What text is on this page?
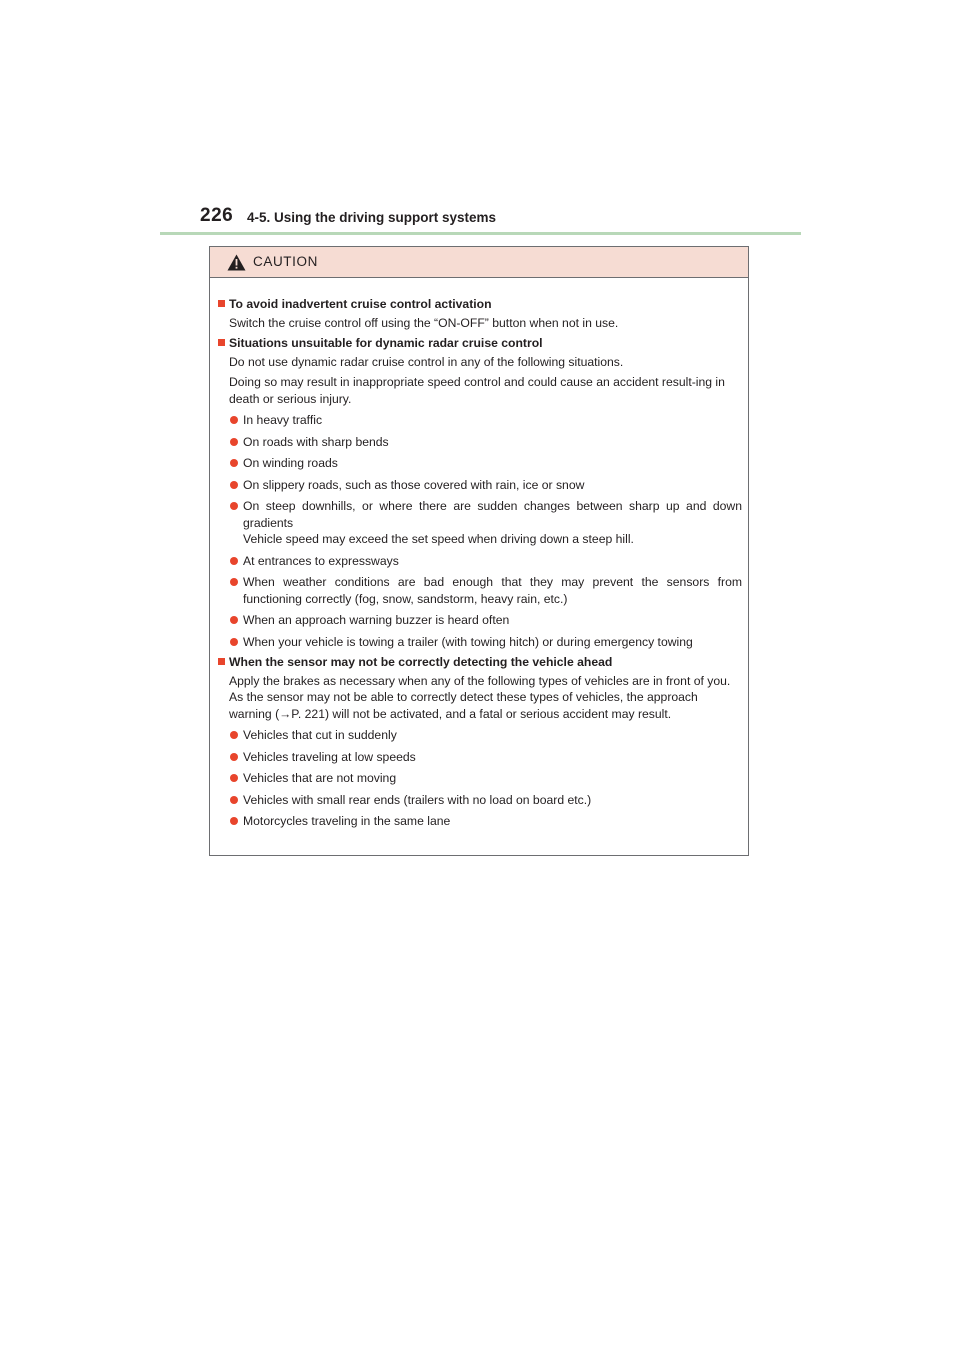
226 4-5. Using the driving support systems
CAUTION
To avoid inadvertent cruise control activation
Switch the cruise control off using the “ON-OFF” button when not in use.
Situations unsuitable for dynamic radar cruise control
Do not use dynamic radar cruise control in any of the following situations.
Doing so may result in inappropriate speed control and could cause an accident result-ing in death or serious injury.
In heavy traffic
On roads with sharp bends
On winding roads
On slippery roads, such as those covered with rain, ice or snow
On steep downhills, or where there are sudden changes between sharp up and down gradients
Vehicle speed may exceed the set speed when driving down a steep hill.
At entrances to expressways
When weather conditions are bad enough that they may prevent the sensors from functioning correctly (fog, snow, sandstorm, heavy rain, etc.)
When an approach warning buzzer is heard often
When your vehicle is towing a trailer (with towing hitch) or during emergency towing
When the sensor may not be correctly detecting the vehicle ahead
Apply the brakes as necessary when any of the following types of vehicles are in front of you.
As the sensor may not be able to correctly detect these types of vehicles, the approach warning (→P. 221) will not be activated, and a fatal or serious accident may result.
Vehicles that cut in suddenly
Vehicles traveling at low speeds
Vehicles that are not moving
Vehicles with small rear ends (trailers with no load on board etc.)
Motorcycles traveling in the same lane
